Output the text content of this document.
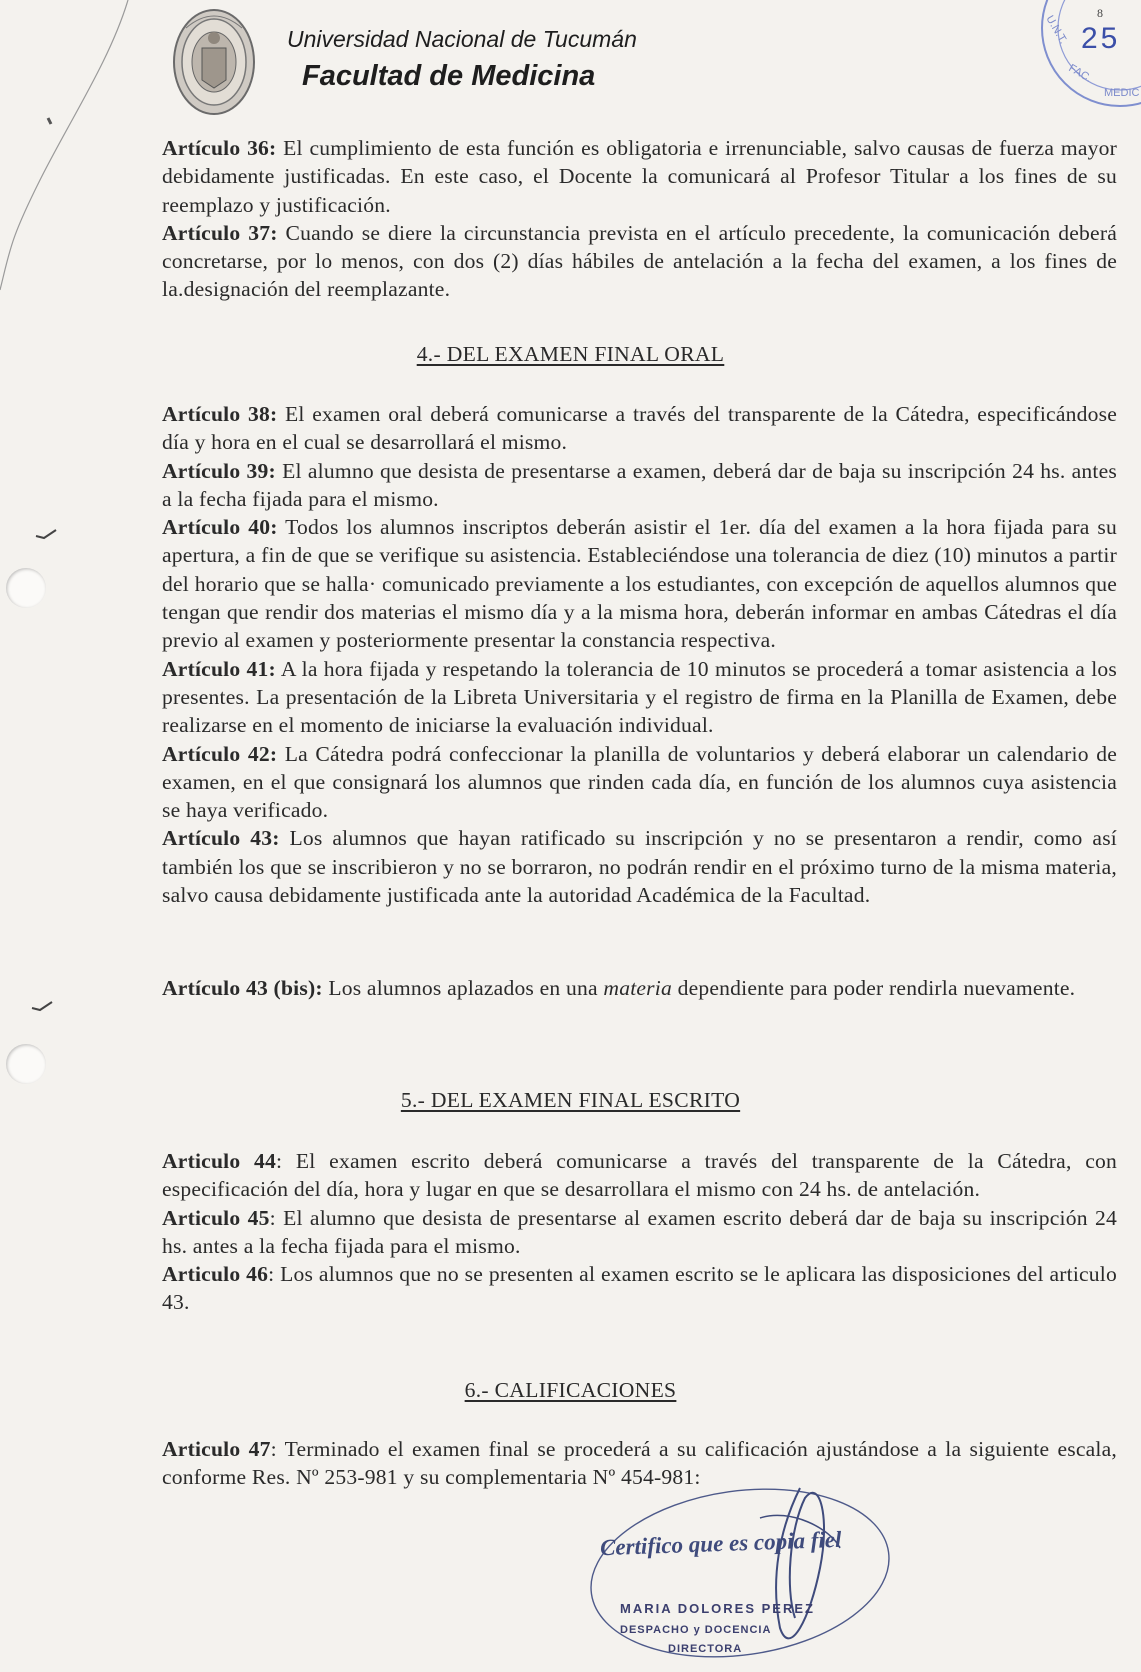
Universidad Nacional de Tucumán
Facultad de Medicina
U.N.T.
FAC.
MEDIC
25
8

Artículo 36: El cumplimiento de esta función es obligatoria e irrenunciable, salvo causas de fuerza mayor debidamente justificadas. En este caso, el Docente la comunicará al Profesor Titular a los fines de su reemplazo y justificación.

Artículo 37: Cuando se diere la circunstancia prevista en el artículo precedente, la comunicación deberá concretarse, por lo menos, con dos (2) días hábiles de antelación a la fecha del examen, a los fines de la.designación del reemplazante.

4.- DEL EXAMEN FINAL ORAL

Artículo 38: El examen oral deberá comunicarse a través del transparente de la Cátedra, especificándose día y hora en el cual se desarrollará el mismo.

Artículo 39: El alumno que desista de presentarse a examen, deberá dar de baja su inscripción 24 hs. antes a la fecha fijada para el mismo.

Artículo 40: Todos los alumnos inscriptos deberán asistir el 1er. día del examen a la hora fijada para su apertura, a fin de que se verifique su asistencia. Estableciéndose una tolerancia de diez (10) minutos a partir del horario que se halla· comunicado previamente a los estudiantes, con excepción de aquellos alumnos que tengan que rendir dos materias el mismo día y a la misma hora, deberán informar en ambas Cátedras el día previo al examen y posteriormente presentar la constancia respectiva.

Artículo 41: A la hora fijada y respetando la tolerancia de 10 minutos se procederá a tomar asistencia a los presentes. La presentación de la Libreta Universitaria y el registro de firma en la Planilla de Examen, debe realizarse en el momento de iniciarse la evaluación individual.

Artículo 42: La Cátedra podrá confeccionar la planilla de voluntarios y deberá elaborar un calendario de examen, en el que consignará los alumnos que rinden cada día, en función de los alumnos cuya asistencia se haya verificado.

Artículo 43: Los alumnos que hayan ratificado su inscripción y no se presentaron a rendir, como así también los que se inscribieron y no se borraron, no podrán rendir en el próximo turno de la misma materia, salvo causa debidamente justificada ante la autoridad Académica de la Facultad.

Artículo 43 (bis): Los alumnos aplazados en una materia dependiente para poder rendirla nuevamente.

5.- DEL EXAMEN FINAL ESCRITO

Articulo 44: El examen escrito deberá comunicarse a través del transparente de la Cátedra, con especificación del día, hora y lugar en que se desarrollara el mismo con 24 hs. de antelación.

Articulo 45: El alumno que desista de presentarse al examen escrito deberá dar de baja su inscripción 24 hs. antes a la fecha fijada para el mismo.

Articulo 46: Los alumnos que no se presenten al examen escrito se le aplicara las disposiciones del articulo 43.

6.- CALIFICACIONES

Articulo 47: Terminado el examen final se procederá a su calificación ajustándose a la siguiente escala, conforme Res. Nº 253-981 y su complementaria Nº 454-981:

Certifico que es copia fiel
MARIA DOLORES PEREZ
DESPACHO y DOCENCIA
DIRECTORA
